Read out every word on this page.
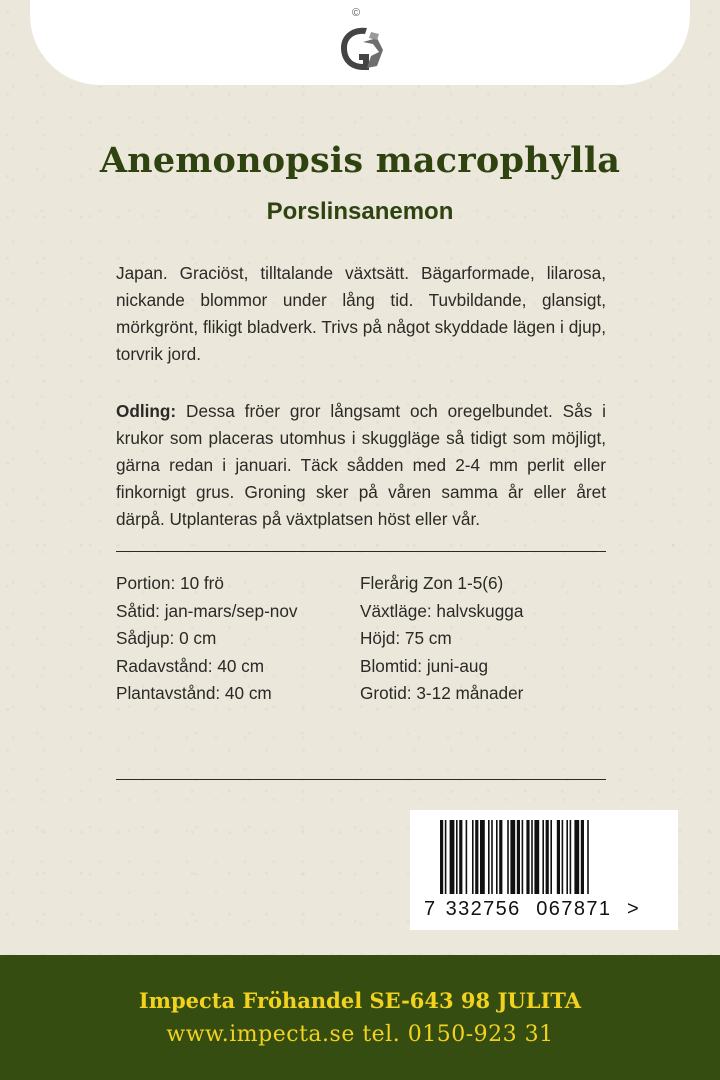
©
Anemonopsis macrophylla
Porslinsanemon

Japan. Graciöst, tilltalande växtsätt. Bägarformade, lilarosa, nickande blommor under lång tid. Tuvbildande, glansigt, mörkgrönt, flikigt bladverk. Trivs på något skyddade lägen i djup, torvrik jord.

Odling: Dessa fröer gror långsamt och oregelbundet. Sås i krukor som placeras utomhus i skuggläge så tidigt som möjligt, gärna redan i januari. Täck sådden med 2-4 mm perlit eller finkornigt grus. Groning sker på våren samma år eller året därpå. Utplanteras på växtplatsen höst eller vår.

Portion: 10 frö
Såtid: jan-mars/sep-nov
Sådjup: 0 cm
Radavstånd: 40 cm
Plantavstånd: 40 cm
Flerårig Zon 1-5(6)
Växtläge: halvskugga
Höjd: 75 cm
Blomtid: juni-aug
Grotid: 3-12 månader
7 332756 067871 >
Impecta Fröhandel SE-643 98 JULITA
www.impecta.se tel. 0150-923 31
